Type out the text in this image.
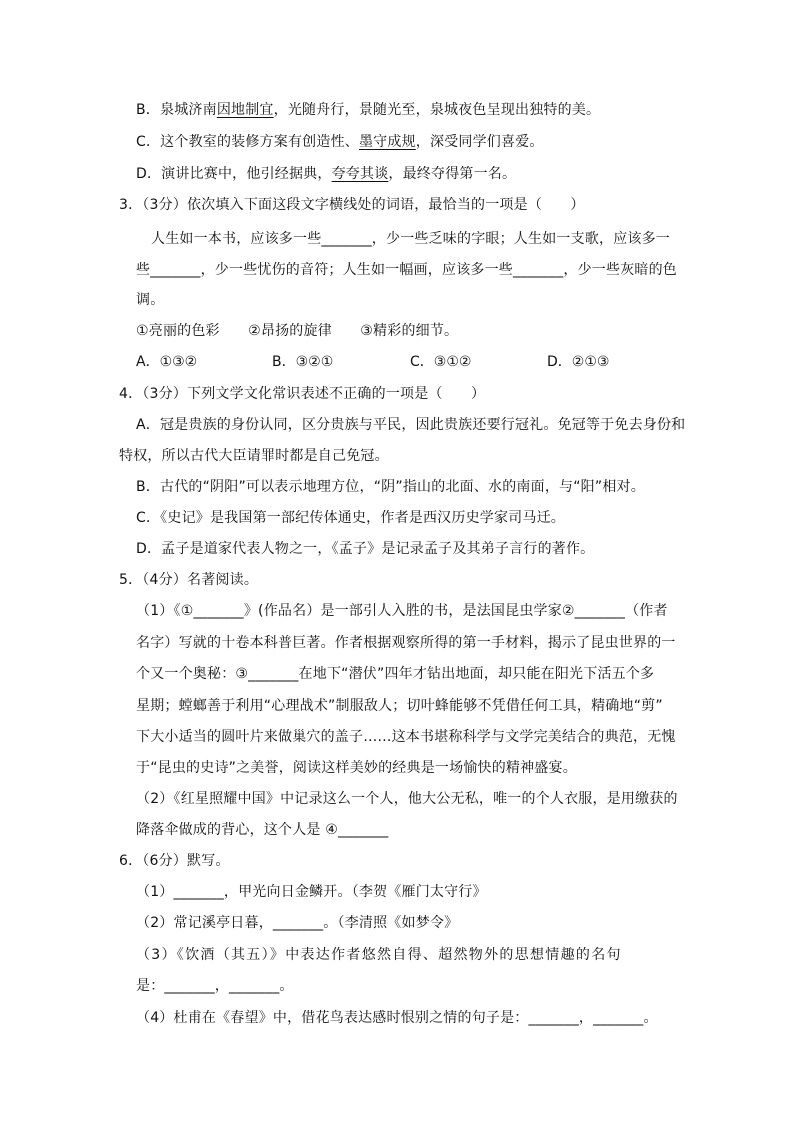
B．泉城济南因地制宜，光随舟行，景随光至，泉城夜色呈现出独特的美。
C．这个教室的装修方案有创造性、墨守成规，深受同学们喜爱。
D．演讲比赛中，他引经据典，夸夸其谈，最终夺得第一名。
3．（3分）依次填入下面这段文字横线处的词语，最恰当的一项是（　　）
人生如一本书，应该多一些_______，少一些乏味的字眼；人生如一支歌，应该多一
些_______，少一些忧伤的音符；人生如一幅画，应该多一些_______，少一些灰暗的色
调。
①亮丽的色彩　　②昂扬的旋律　　③精彩的细节。
A．①③②	B．③②①	C．③①②	D．②①③
4．（3分）下列文学文化常识表述不正确的一项是（　　）
A．冠是贵族的身份认同，区分贵族与平民，因此贵族还要行冠礼。免冠等于免去身份和
特权，所以古代大臣请罪时都是自己免冠。
B．古代的“阴阳”可以表示地理方位，“阴”指山的北面、水的南面，与“阳”相对。
C．《史记》是我国第一部纪传体通史，作者是西汉历史学家司马迁。
D．孟子是道家代表人物之一，《孟子》是记录孟子及其弟子言行的著作。
5．（4分）名著阅读。
（1）《①_______》(作品名）是一部引人入胜的书，是法国昆虫学家②_______（作者
名字）写就的十卷本科普巨著。作者根据观察所得的第一手材料，揭示了昆虫世界的一
个又一个奥秘：③_______在地下“潜伏”四年才钻出地面，却只能在阳光下活五个多
星期；螳螂善于利用“心理战术”制服敌人；切叶蜂能够不凭借任何工具，精确地“剪”
下大小适当的圆叶片来做巢穴的盖子……这本书堪称科学与文学完美结合的典范，无愧
于“昆虫的史诗”之美誉，阅读这样美妙的经典是一场愉快的精神盛宴。
（2）《红星照耀中国》中记录这么一个人，他大公无私，唯一的个人衣服，是用缴获的
降落伞做成的背心，这个人是 ④_______
6．（6分）默写。
（1）_______，甲光向日金鳞开。（李贺《雁门太守行》
（2）常记溪亭日暮，_______。（李清照《如梦令》
（3）《饮酒（其五）》中表达作者悠然自得、超然物外的思想情趣的名句
是：_______，_______。
（4）杜甫在《春望》中，借花鸟表达感时恨别之情的句子是：_______，_______。
